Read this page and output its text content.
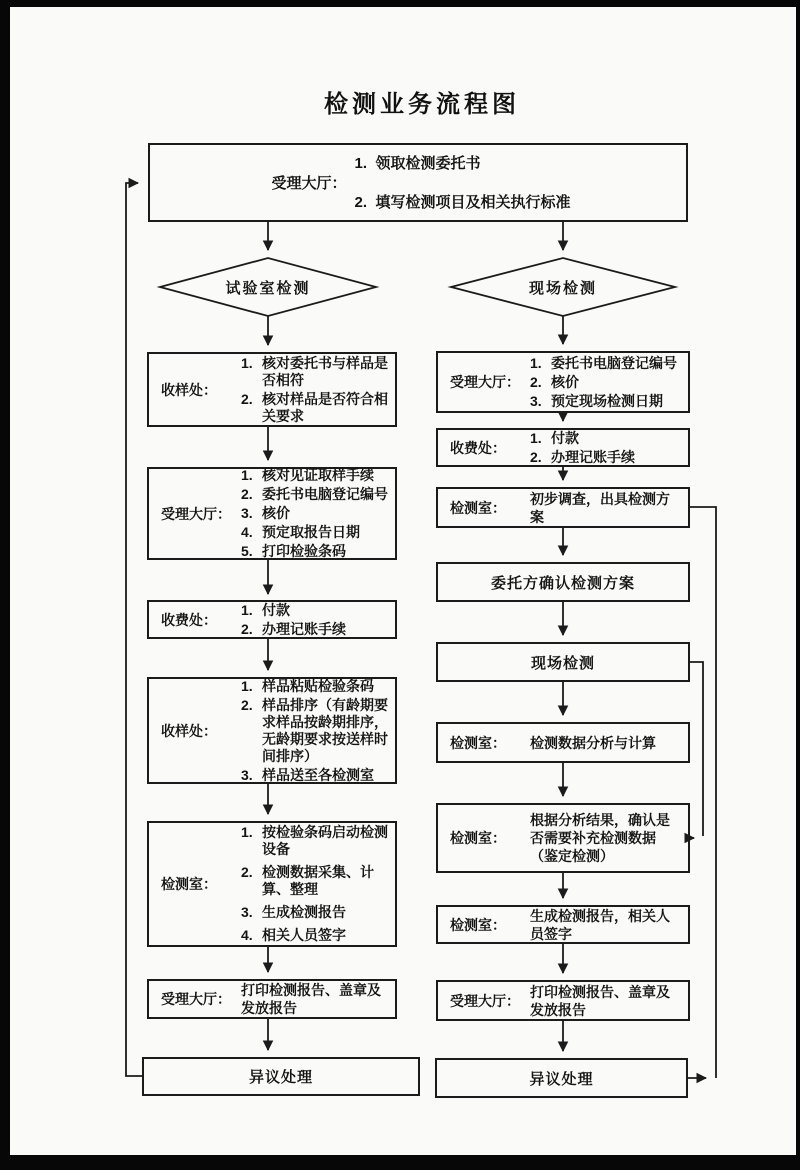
检测业务流程图
受理大厅：
1. 领取检测委托书
2. 填写检测项目及相关执行标准
试验室检测	现场检测
收样处：
1. 核对委托书与样品是否相符
2. 核对样品是否符合相关要求
受理大厅：
1. 核对见证取样手续
2. 委托书电脑登记编号
3. 核价
4. 预定取报告日期
5. 打印检验条码
收费处：
1. 付款
2. 办理记账手续
收样处：
1. 样品粘贴检验条码
2. 样品排序（有龄期要求样品按龄期排序，无龄期要求按送样时间排序）
3. 样品送至各检测室
检测室：
1. 按检验条码启动检测设备
2. 检测数据采集、计算、整理
3. 生成检测报告
4. 相关人员签字
受理大厅：
打印检测报告、盖章及发放报告
异议处理
受理大厅：
1. 委托书电脑登记编号
2. 核价
3. 预定现场检测日期
收费处：
1. 付款
2. 办理记账手续
检测室：
初步调查，出具检测方案
委托方确认检测方案
现场检测
检测室：	检测数据分析与计算
检测室：
根据分析结果，确认是否需要补充检测数据（鉴定检测）
检测室：
生成检测报告，相关人员签字
受理大厅：
打印检测报告、盖章及发放报告
异议处理
